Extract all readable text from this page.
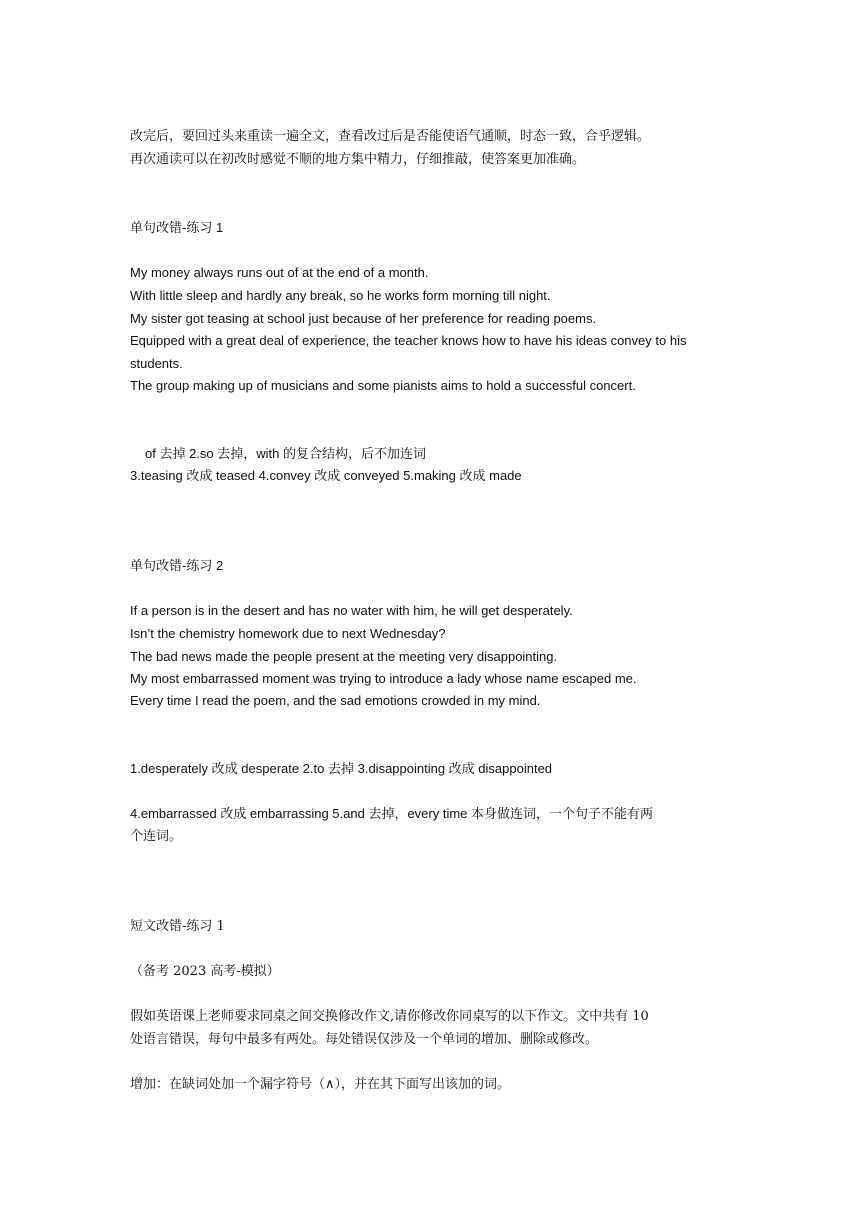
改完后，要回过头来重读一遍全文，查看改过后是否能使语气通顺，时态一致，合乎逻辑。
再次通读可以在初改时感觉不顺的地方集中精力，仔细推敲，使答案更加准确。
单句改错-练习 1
My money always runs out of at the end of a month.
With little sleep and hardly any break, so he works form morning till night.
My sister got teasing at school just because of her preference for reading poems.
Equipped with a great deal of experience, the teacher knows how to have his ideas convey to his
students.
The group making up of musicians and some pianists aims to hold a successful concert.
of 去掉 2.so 去掉，with 的复合结构，后不加连词
3.teasing 改成 teased 4.convey 改成 conveyed 5.making 改成 made
单句改错-练习 2
If a person is in the desert and has no water with him, he will get desperately.
Isn’t the chemistry homework due to next Wednesday?
The bad news made the people present at the meeting very disappointing.
My most embarrassed moment was trying to introduce a lady whose name escaped me.
Every time I read the poem, and the sad emotions crowded in my mind.
1.desperately 改成 desperate 2.to 去掉 3.disappointing 改成 disappointed
4.embarrassed 改成 embarrassing 5.and 去掉，every time 本身做连词，一个句子不能有两
个连词。
短文改错-练习 1
（备考 2023 高考-模拟）
假如英语课上老师要求同桌之间交换修改作文,请你修改你同桌写的以下作文。文中共有 10
处语言错误，每句中最多有两处。每处错误仅涉及一个单词的增加、删除或修改。
增加：在缺词处加一个漏字符号（∧），并在其下面写出该加的词。
